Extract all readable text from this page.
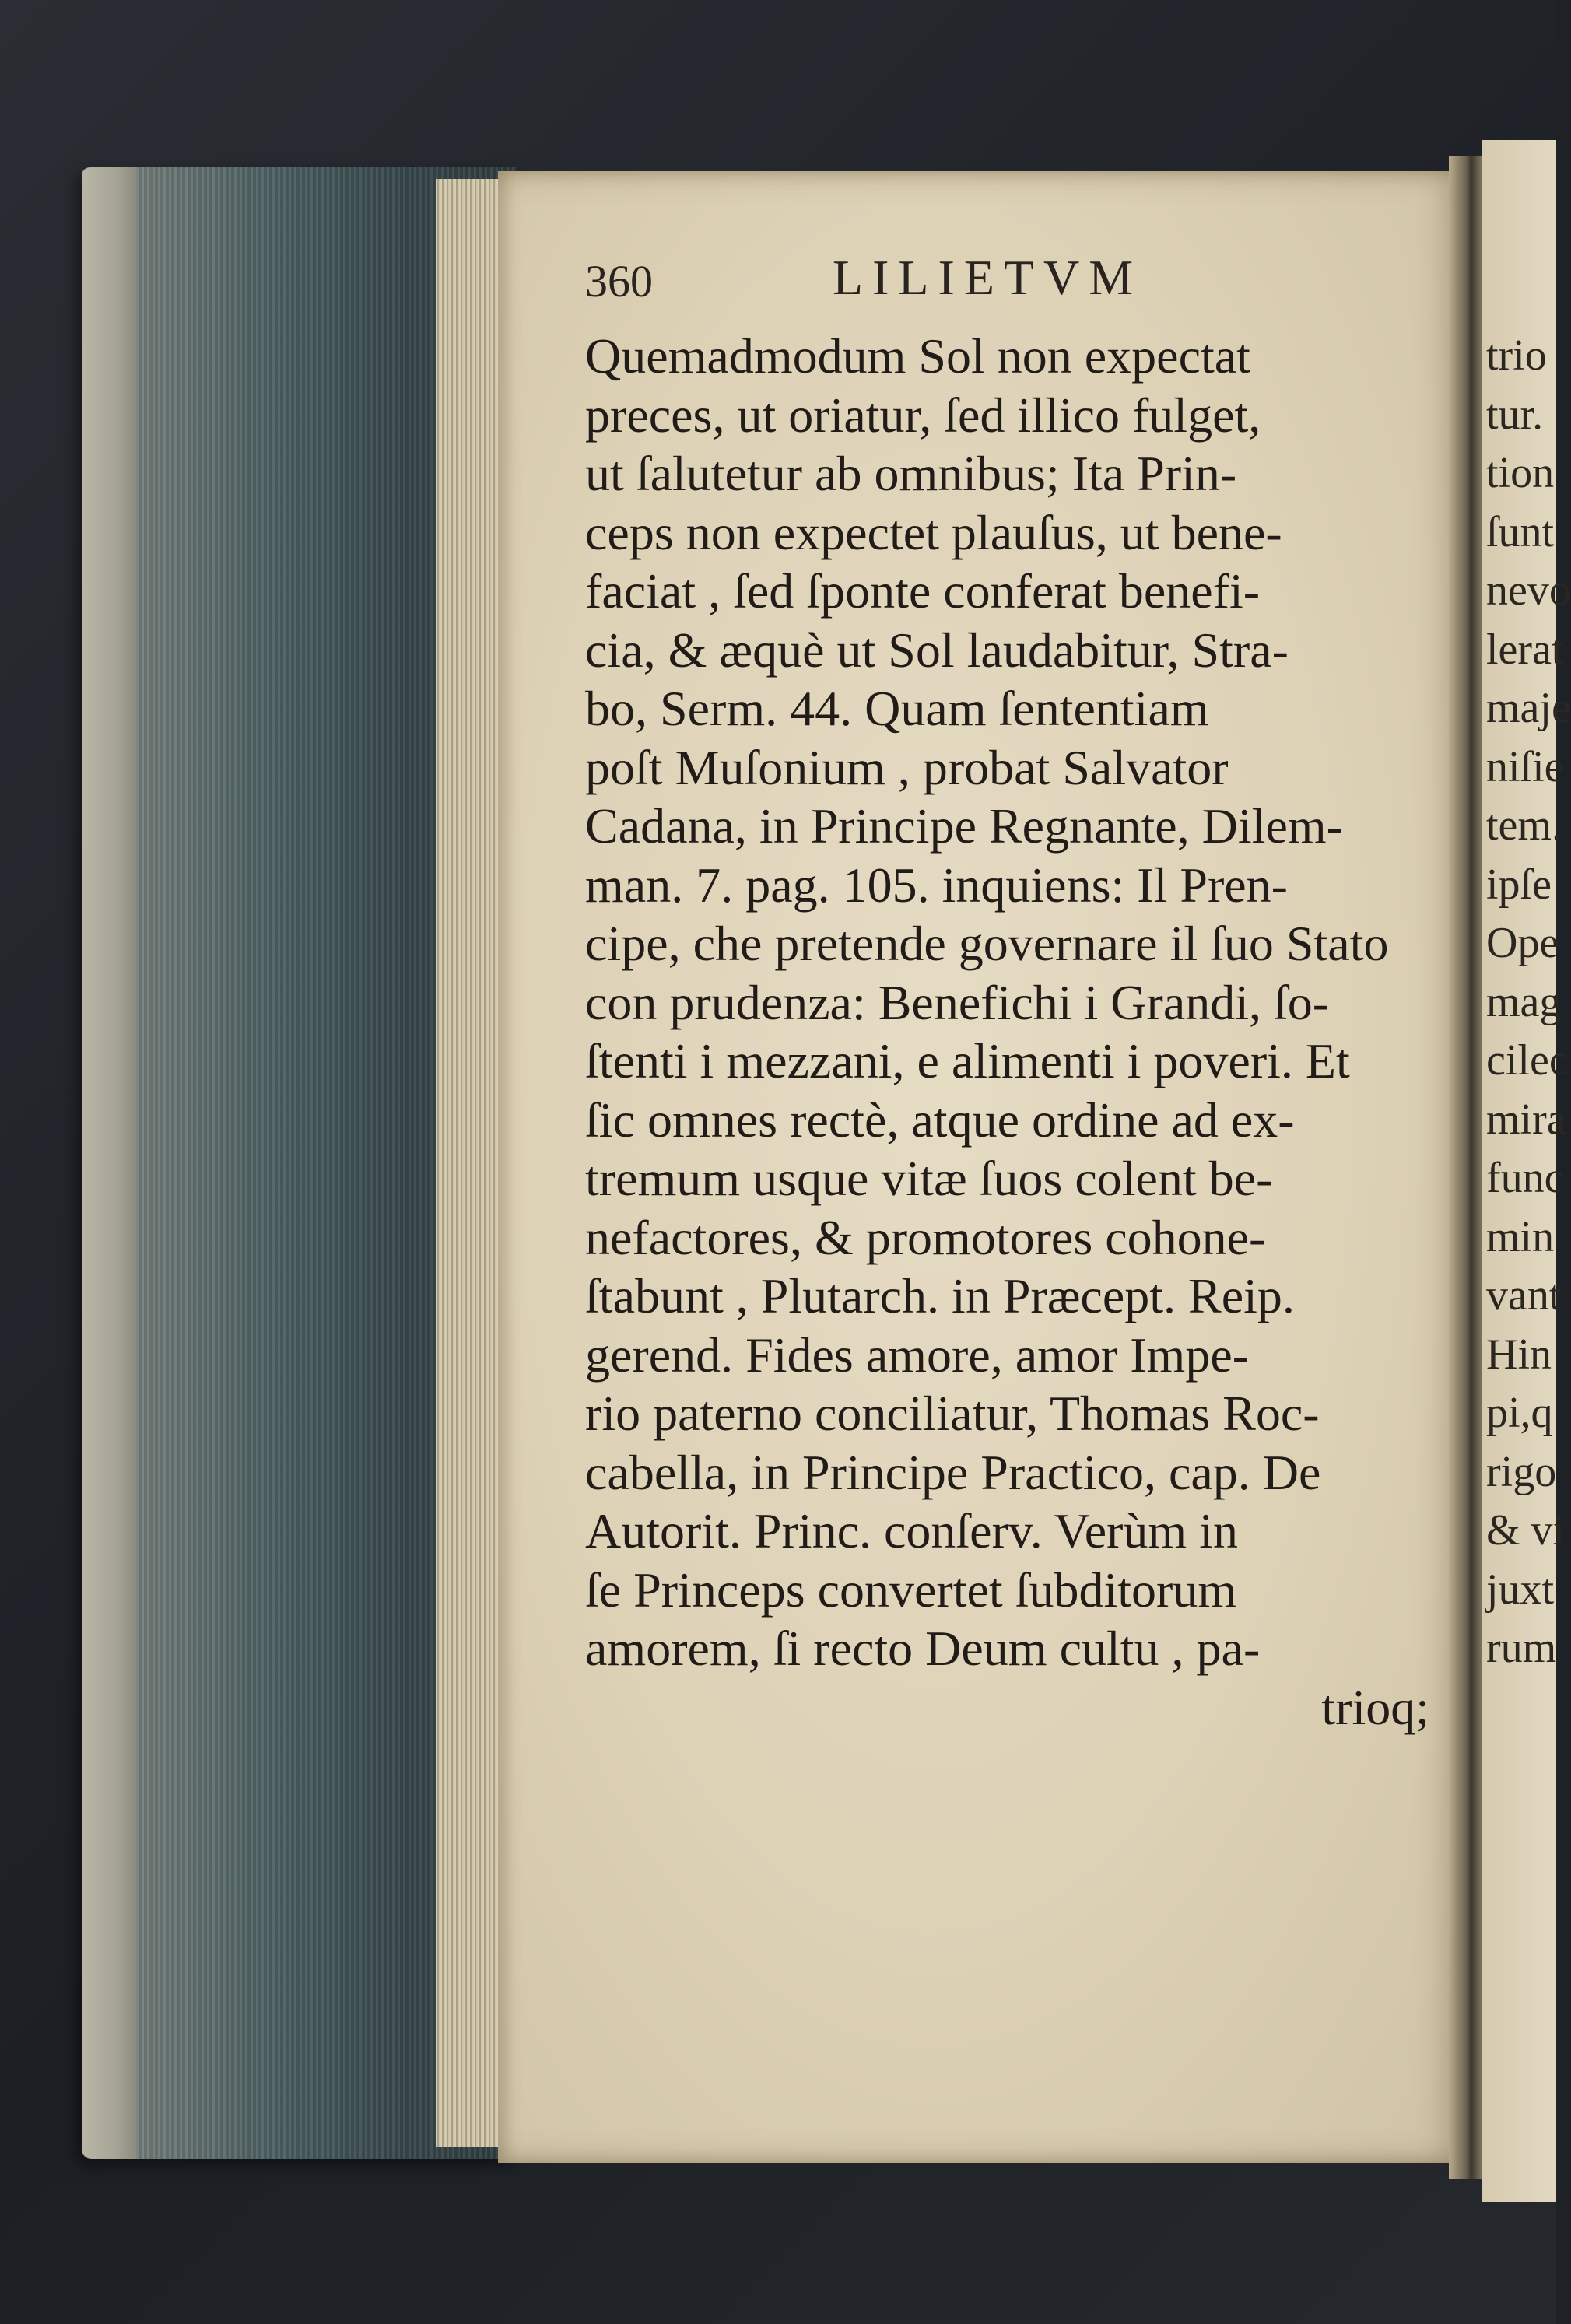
360	LILIETVM
Quemadmodum Sol non expectat
preces, ut oriatur, ſed illico fulget,
ut ſalutetur ab omnibus; Ita Prin-
ceps non expectet plauſus, ut bene-
faciat , ſed ſponte conferat benefi-
cia, & æquè ut Sol laudabitur, Stra-
bo, Serm. 44. Quam ſententiam
poſt Muſonium , probat Salvator
Cadana, in Principe Regnante, Dilem-
man. 7. pag. 105. inquiens: Il Pren-
cipe, che pretende governare il ſuo Stato
con prudenza: Benefichi i Grandi, ſo-
ſtenti i mezzani, e alimenti i poveri. Et
ſic omnes rectè, atque ordine ad ex-
tremum usque vitæ ſuos colent be-
nefactores, & promotores cohone-
ſtabunt , Plutarch. in Præcept. Reip.
gerend. Fides amore, amor Impe-
rio paterno conciliatur, Thomas Roc-
cabella, in Principe Practico, cap. De
Autorit. Princ. conſerv. Verùm in
ſe Princeps convertet ſubditorum
amorem, ſi recto Deum cultu , pa-
trioq;
trio
tur.
tion
ſunt
nevo
lerat
maje
niſie
tem.
ipſe
Ope
mag
cilec
mira
func
min
vant
Hin
pi,q
rigo
& vi
juxt
rum
